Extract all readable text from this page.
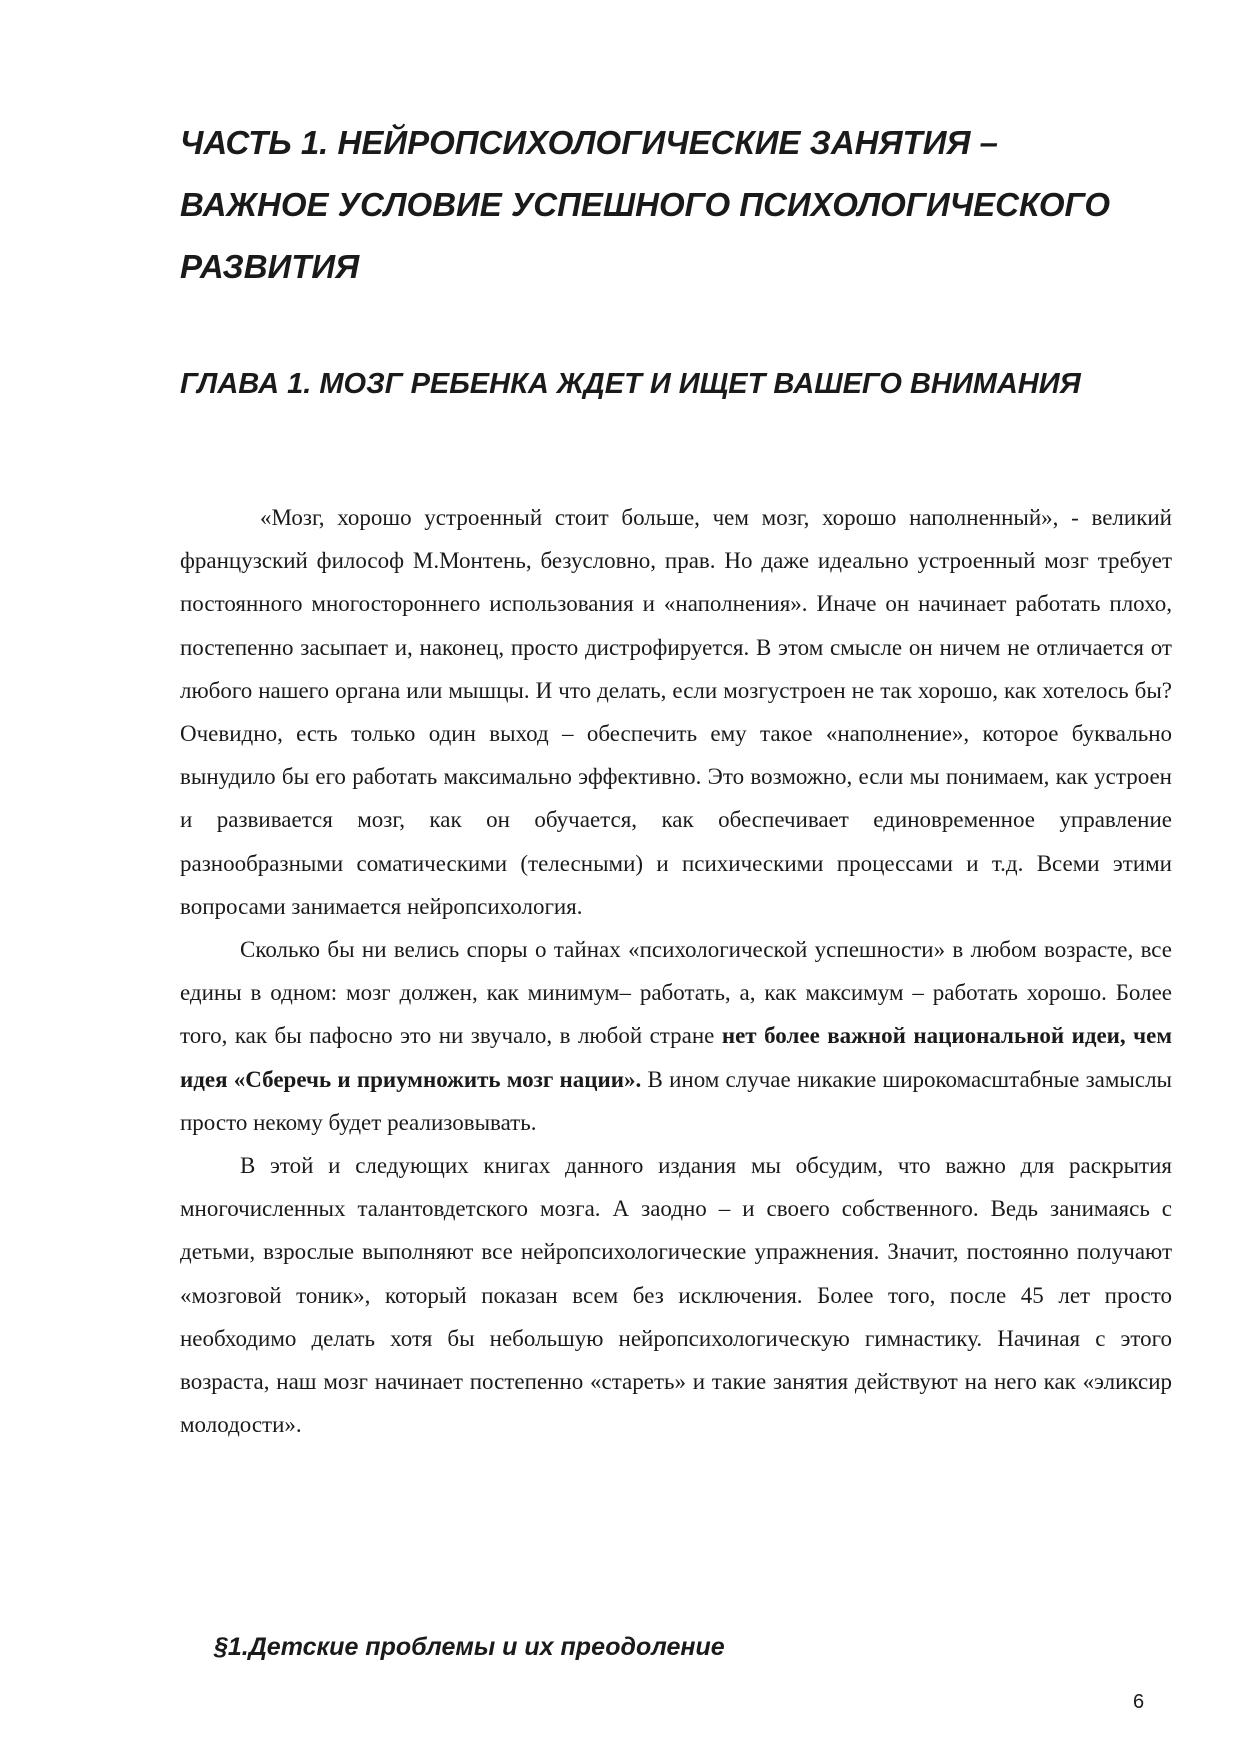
ЧАСТЬ 1. НЕЙРОПСИХОЛОГИЧЕСКИЕ ЗАНЯТИЯ –
ВАЖНОЕ УСЛОВИЕ УСПЕШНОГО ПСИХОЛОГИЧЕСКОГО
РАЗВИТИЯ
ГЛАВА 1. МОЗГ РЕБЕНКА ЖДЕТ И ИЩЕТ ВАШЕГО ВНИМАНИЯ

«Мозг, хорошо устроенный стоит больше, чем мозг, хорошо наполненный», - великий французский философ М.Монтень, безусловно, прав. Но даже идеально устроенный мозг требует постоянного многостороннего использования и «наполнения». Иначе он начинает работать плохо, постепенно засыпает и, наконец, просто дистрофируется. В этом смысле он ничем не отличается от любого нашего органа или мышцы. И что делать, если мозгустроен не так хорошо, как хотелось бы? Очевидно, есть только один выход – обеспечить ему такое «наполнение», которое буквально вынудило бы его работать максимально эффективно. Это возможно, если мы понимаем, как устроен и развивается мозг, как он обучается, как обеспечивает единовременное управление разнообразными соматическими (телесными) и психическими процессами и т.д. Всеми этими вопросами занимается нейропсихология.

Сколько бы ни велись споры о тайнах «психологической успешности» в любом возрасте, все едины в одном: мозг должен, как минимум– работать, а, как максимум – работать хорошо. Более того, как бы пафосно это ни звучало, в любой стране нет более важной национальной идеи, чем идея «Сберечь и приумножить мозг нации». В ином случае никакие широкомасштабные замыслы просто некому будет реализовывать.

В этой и следующих книгах данного издания мы обсудим, что важно для раскрытия многочисленных талантовдетского мозга. А заодно – и своего собственного. Ведь занимаясь с детьми, взрослые выполняют все нейропсихологические упражнения. Значит, постоянно получают «мозговой тоник», который показан всем без исключения. Более того, после 45 лет просто необходимо делать хотя бы небольшую нейропсихологическую гимнастику. Начиная с этого возраста, наш мозг начинает постепенно «стареть» и такие занятия действуют на него как «эликсир молодости».

§1.Детские проблемы и их преодоление
6
